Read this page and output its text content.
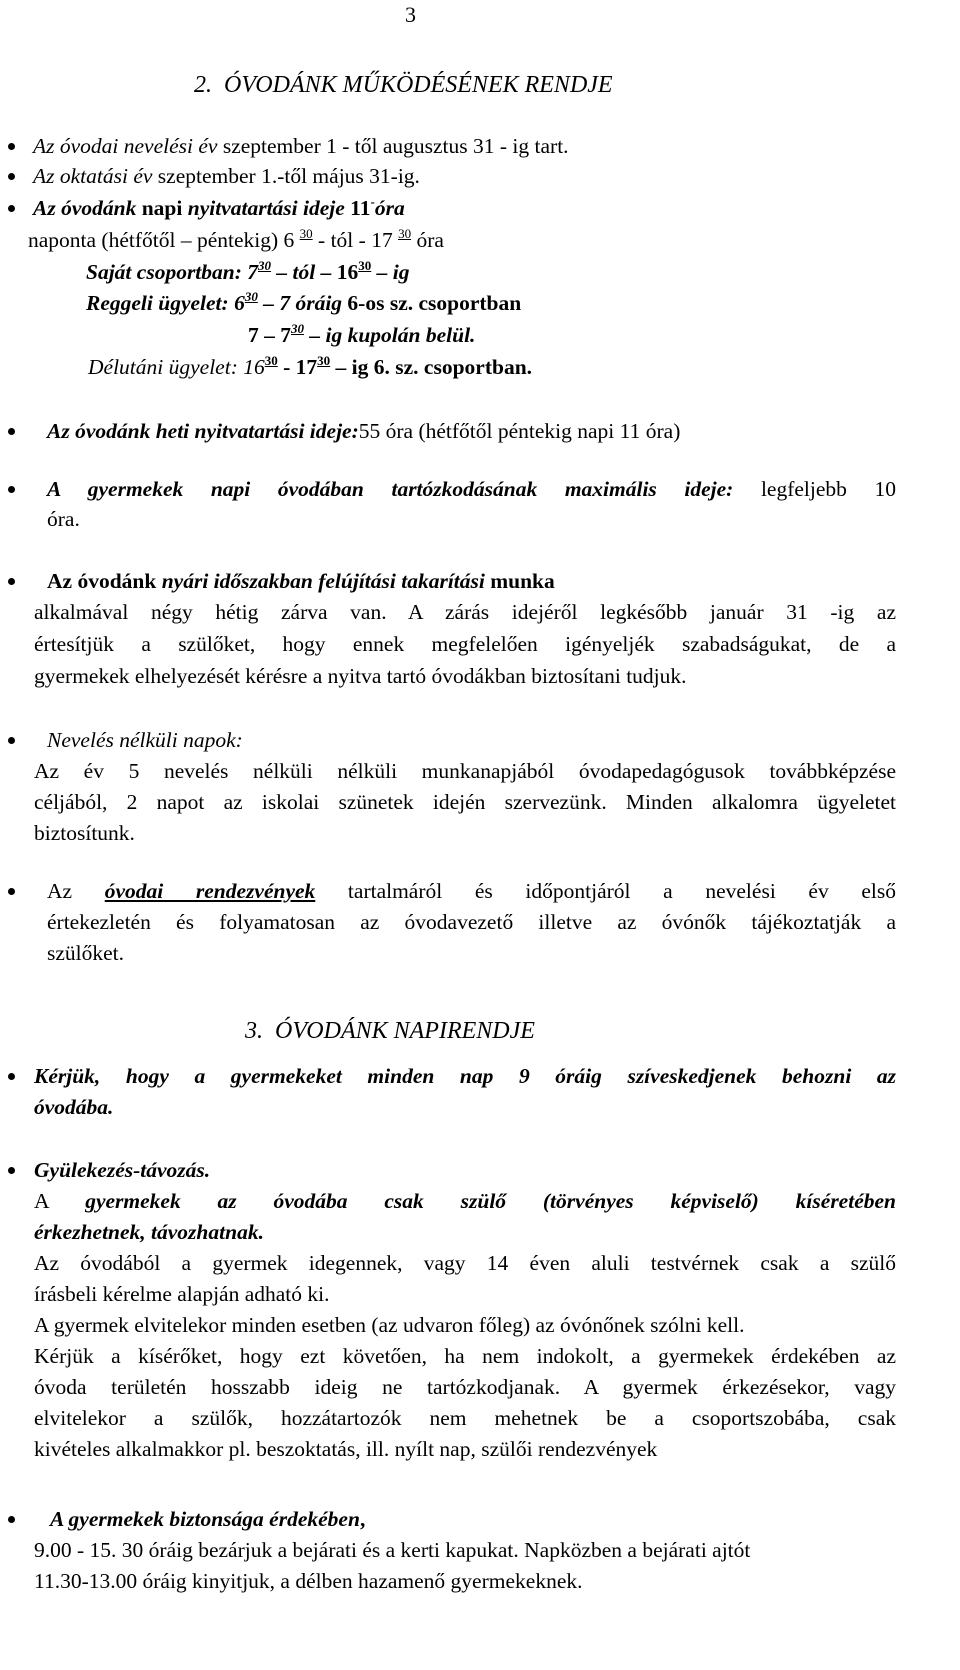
3
2. ÓVODÁNK MŰKÖDÉSÉNEK RENDJE
Az óvodai nevelési év szeptember 1 - től augusztus 31 - ig tart.
Az oktatási év szeptember 1.-től május 31-ig.
Az óvodánk napi nyitvatartási ideje 11-óra
naponta (hétfőtől – péntekig) 6 $^{30}$ - tól - 17 $^{30}$ óra
Saját csoportban: $7^{30}$ – tól – $16^{30}$ – ig
Reggeli ügyelet: $6^{30} - 7$ óráig 6-os sz. csoportban
$7 - 7^{30}$ – ig kupolán belül.
Délutáni ügyelet: $16^{30} - 17^{30}$ – ig 6. sz. csoportban.
Az óvodánk heti nyitvatartási ideje:55 óra (hétfőtől péntekig napi 11 óra)
A gyermekek napi óvodában tartózkodásának maximális ideje: legfeljebb 10
óra.
Az óvodánk nyári időszakban felújítási takarítási munka
alkalmával négy hétig zárva van. A zárás idejéről legkésőbb január 31 -ig az
értesítjük a szülőket, hogy ennek megfelelően igényeljék szabadságukat, de a
gyermekek elhelyezését kérésre a nyitva tartó óvodákban biztosítani tudjuk.
Nevelés nélküli napok:
Az év 5 nevelés nélküli nélküli munkanapjából óvodapedagógusok továbbképzése
céljából, 2 napot az iskolai szünetek idején szervezünk. Minden alkalomra ügyeletet
biztosítunk.
Az óvodai rendezvények tartalmáról és időpontjáról a nevelési év első
értekezletén és folyamatosan az óvodavezető illetve az óvónők tájékoztatják a
szülőket.
3. ÓVODÁNK NAPIRENDJE
Kérjük, hogy a gyermekeket minden nap 9 óráig szíveskedjenek behozni az
óvodába.
Gyülekezés-távozás.
A gyermekek az óvodába csak szülő (törvényes képviselő) kíséretében
érkezhetnek, távozhatnak.
Az óvodából a gyermek idegennek, vagy 14 éven aluli testvérnek csak a szülő
írásbeli kérelme alapján adható ki.
A gyermek elvitelekor minden esetben (az udvaron főleg) az óvónőnek szólni kell.
Kérjük a kísérőket, hogy ezt követően, ha nem indokolt, a gyermekek érdekében az
óvoda területén hosszabb ideig ne tartózkodjanak. A gyermek érkezésekor, vagy
elvitelekor a szülők, hozzátartozók nem mehetnek be a csoportszobába, csak
kivételes alkalmakkor pl. beszoktatás, ill. nyílt nap, szülői rendezvények
A gyermekek biztonsága érdekében,
9.00 - 15. 30 óráig bezárjuk a bejárati és a kerti kapukat. Napközben a bejárati ajtót
11.30-13.00 óráig kinyitjuk, a délben hazamenő gyermekeknek.
